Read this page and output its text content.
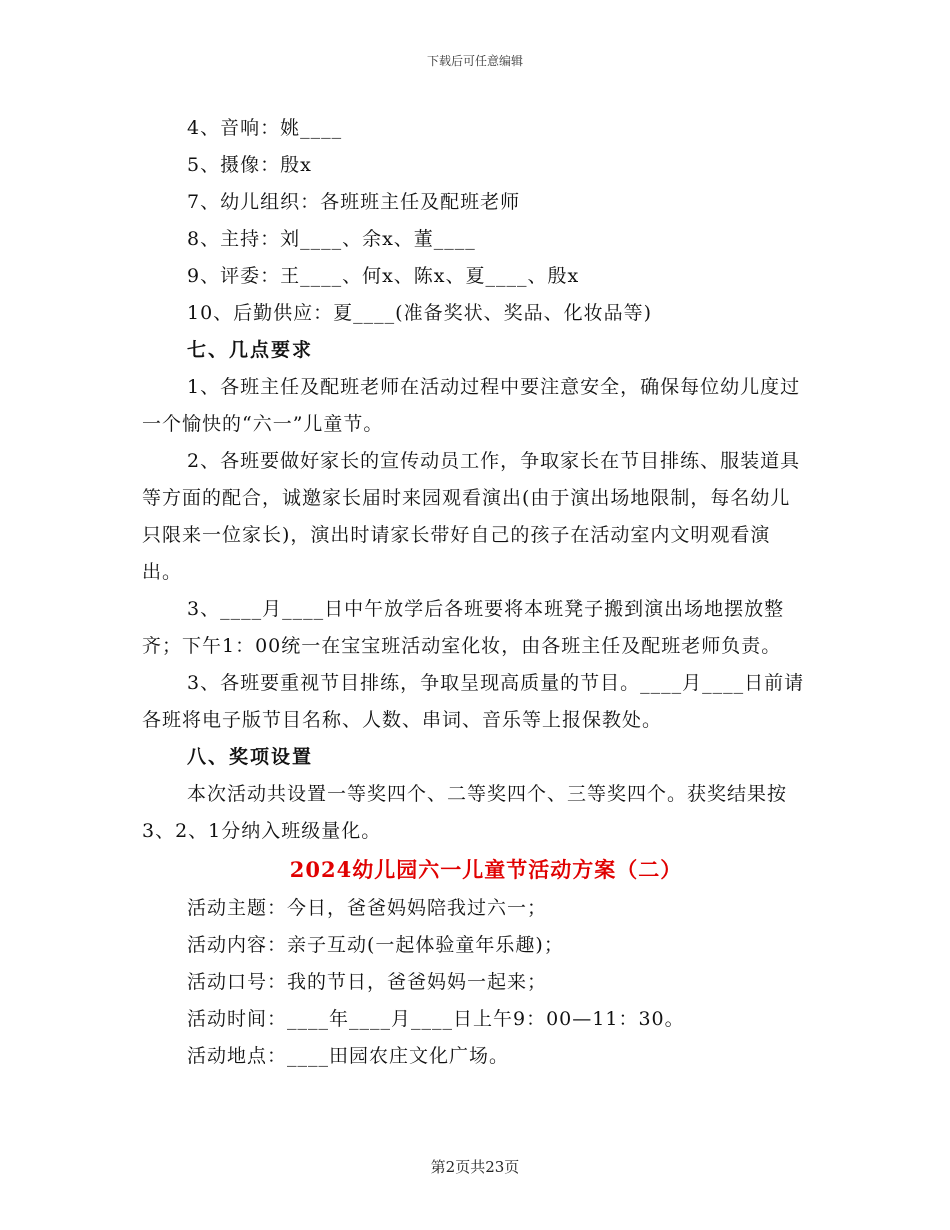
下载后可任意编辑

4、音响：姚____

5、摄像：殷x

7、幼儿组织：各班班主任及配班老师

8、主持：刘____、余x、董____

9、评委：王____、何x、陈x、夏____、殷x

10、后勤供应：夏____(准备奖状、奖品、化妆品等)

七、几点要求

1、各班主任及配班老师在活动过程中要注意安全，确保每位幼儿度过一个愉快的“六一”儿童节。

2、各班要做好家长的宣传动员工作，争取家长在节目排练、服装道具等方面的配合，诚邀家长届时来园观看演出(由于演出场地限制，每名幼儿只限来一位家长)，演出时请家长带好自己的孩子在活动室内文明观看演出。

3、____月____日中午放学后各班要将本班凳子搬到演出场地摆放整齐；下午1：00统一在宝宝班活动室化妆，由各班主任及配班老师负责。

3、各班要重视节目排练，争取呈现高质量的节目。____月____日前请各班将电子版节目名称、人数、串词、音乐等上报保教处。

八、奖项设置

本次活动共设置一等奖四个、二等奖四个、三等奖四个。获奖结果按3、2、1分纳入班级量化。

2024幼儿园六一儿童节活动方案（二）

活动主题：今日，爸爸妈妈陪我过六一；

活动内容：亲子互动(一起体验童年乐趣)；

活动口号：我的节日，爸爸妈妈一起来；

活动时间：____年____月____日上午9：00—11：30。

活动地点：____田园农庄文化广场。

第2页共23页
